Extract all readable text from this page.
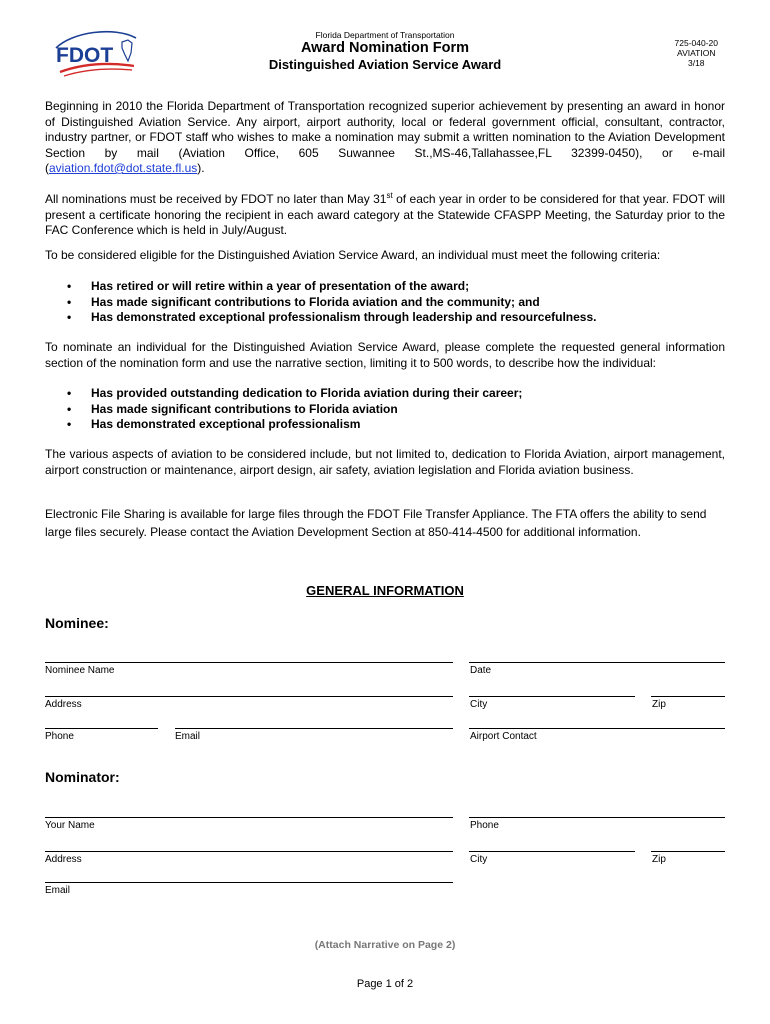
FDOT
Florida Department of Transportation
Award Nomination Form
Distinguished Aviation Service Award
725-040-20
AVIATION
3/18
Beginning in 2010 the Florida Department of Transportation recognized superior achievement by presenting an award in honor of Distinguished Aviation Service. Any airport, airport authority, local or federal government official, consultant, contractor, industry partner, or FDOT staff who wishes to make a nomination may submit a written nomination to the Aviation Development Section by mail (Aviation Office, 605 Suwannee St.,MS-46,Tallahassee,FL 32399-0450), or e-mail (aviation.fdot@dot.state.fl.us).
All nominations must be received by FDOT no later than May 31st of each year in order to be considered for that year. FDOT will present a certificate honoring the recipient in each award category at the Statewide CFASPP Meeting, the Saturday prior to the FAC Conference which is held in July/August.
To be considered eligible for the Distinguished Aviation Service Award, an individual must meet the following criteria:
• Has retired or will retire within a year of presentation of the award;
• Has made significant contributions to Florida aviation and the community; and
• Has demonstrated exceptional professionalism through leadership and resourcefulness.
To nominate an individual for the Distinguished Aviation Service Award, please complete the requested general information section of the nomination form and use the narrative section, limiting it to 500 words, to describe how the individual:
• Has provided outstanding dedication to Florida aviation during their career;
• Has made significant contributions to Florida aviation
• Has demonstrated exceptional professionalism
The various aspects of aviation to be considered include, but not limited to, dedication to Florida Aviation, airport management, airport construction or maintenance, airport design, air safety, aviation legislation and Florida aviation business.
Electronic File Sharing is available for large files through the FDOT File Transfer Appliance. The FTA offers the ability to send large files securely. Please contact the Aviation Development Section at 850-414-4500 for additional information.
GENERAL INFORMATION
Nominee:
Nominee Name	Date
Address	City	Zip
Phone	Email	Airport Contact
Nominator:
Your Name	Phone
Address	City	Zip
Email
(Attach Narrative on Page 2)
Page 1 of 2
